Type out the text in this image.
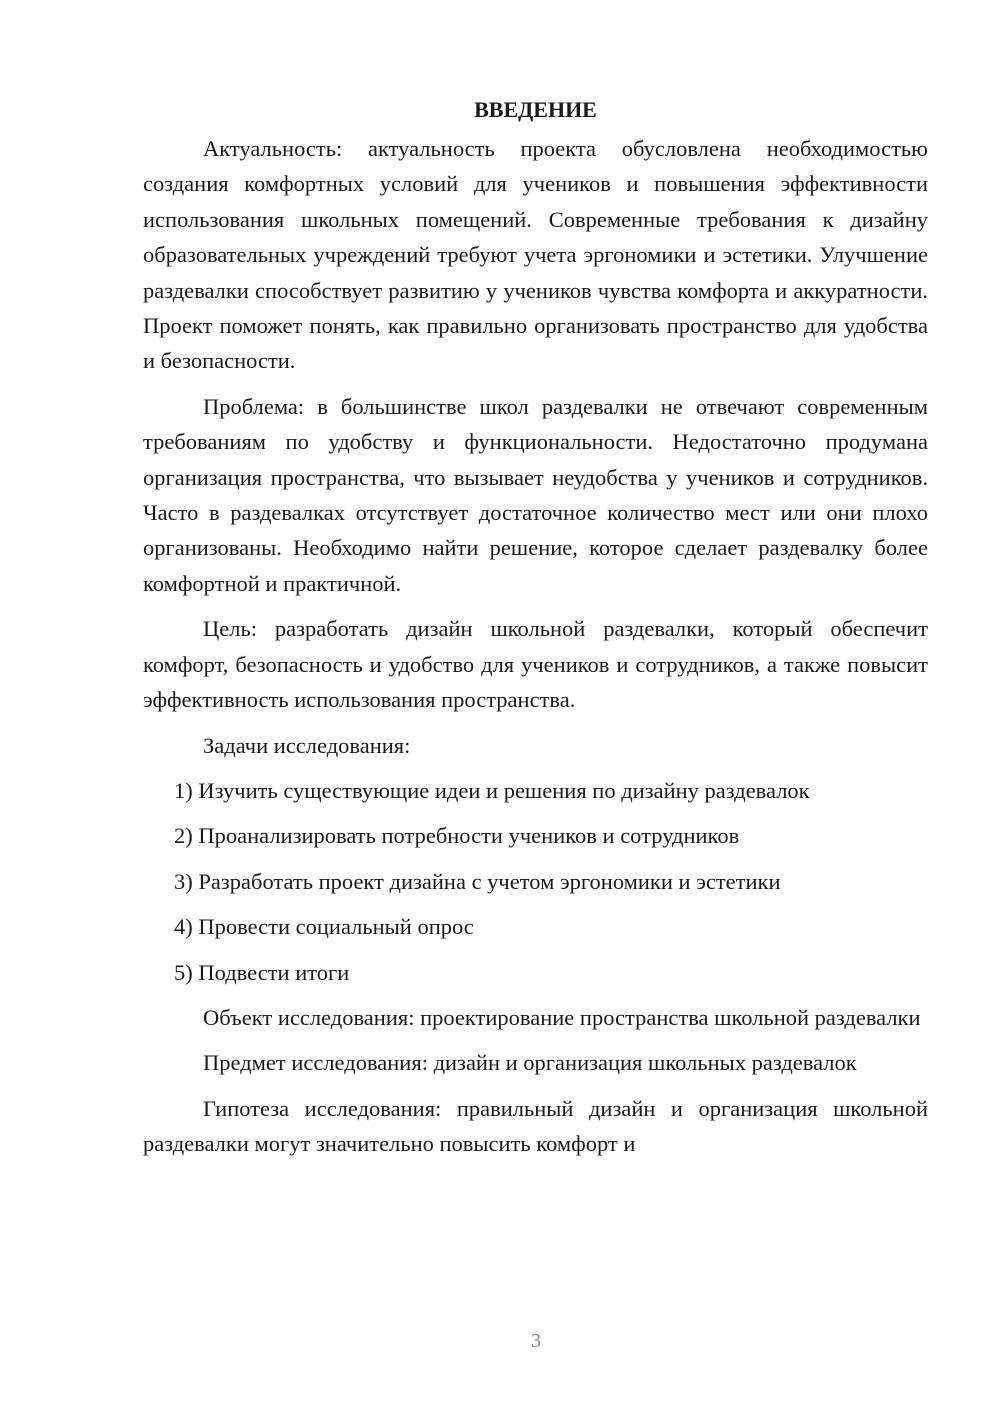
ВВЕДЕНИЕ

Актуальность: актуальность проекта обусловлена необходимостью создания комфортных условий для учеников и повышения эффективности использования школьных помещений. Современные требования к дизайну образовательных учреждений требуют учета эргономики и эстетики. Улучшение раздевалки способствует развитию у учеников чувства комфорта и аккуратности. Проект поможет понять, как правильно организовать пространство для удобства и безопасности.

Проблема: в большинстве школ раздевалки не отвечают современным требованиям по удобству и функциональности. Недостаточно продумана организация пространства, что вызывает неудобства у учеников и сотрудников. Часто в раздевалках отсутствует достаточное количество мест или они плохо организованы. Необходимо найти решение, которое сделает раздевалку более комфортной и практичной.

Цель: разработать дизайн школьной раздевалки, который обеспечит комфорт, безопасность и удобство для учеников и сотрудников, а также повысит эффективность использования пространства.

Задачи исследования:

1) Изучить существующие идеи и решения по дизайну раздевалок

2) Проанализировать потребности учеников и сотрудников

3) Разработать проект дизайна с учетом эргономики и эстетики

4) Провести социальный опрос

5) Подвести итоги

Объект исследования: проектирование пространства школьной раздевалки

Предмет исследования: дизайн и организация школьных раздевалок

Гипотеза исследования: правильный дизайн и организация школьной раздевалки могут значительно повысить комфорт и

3
